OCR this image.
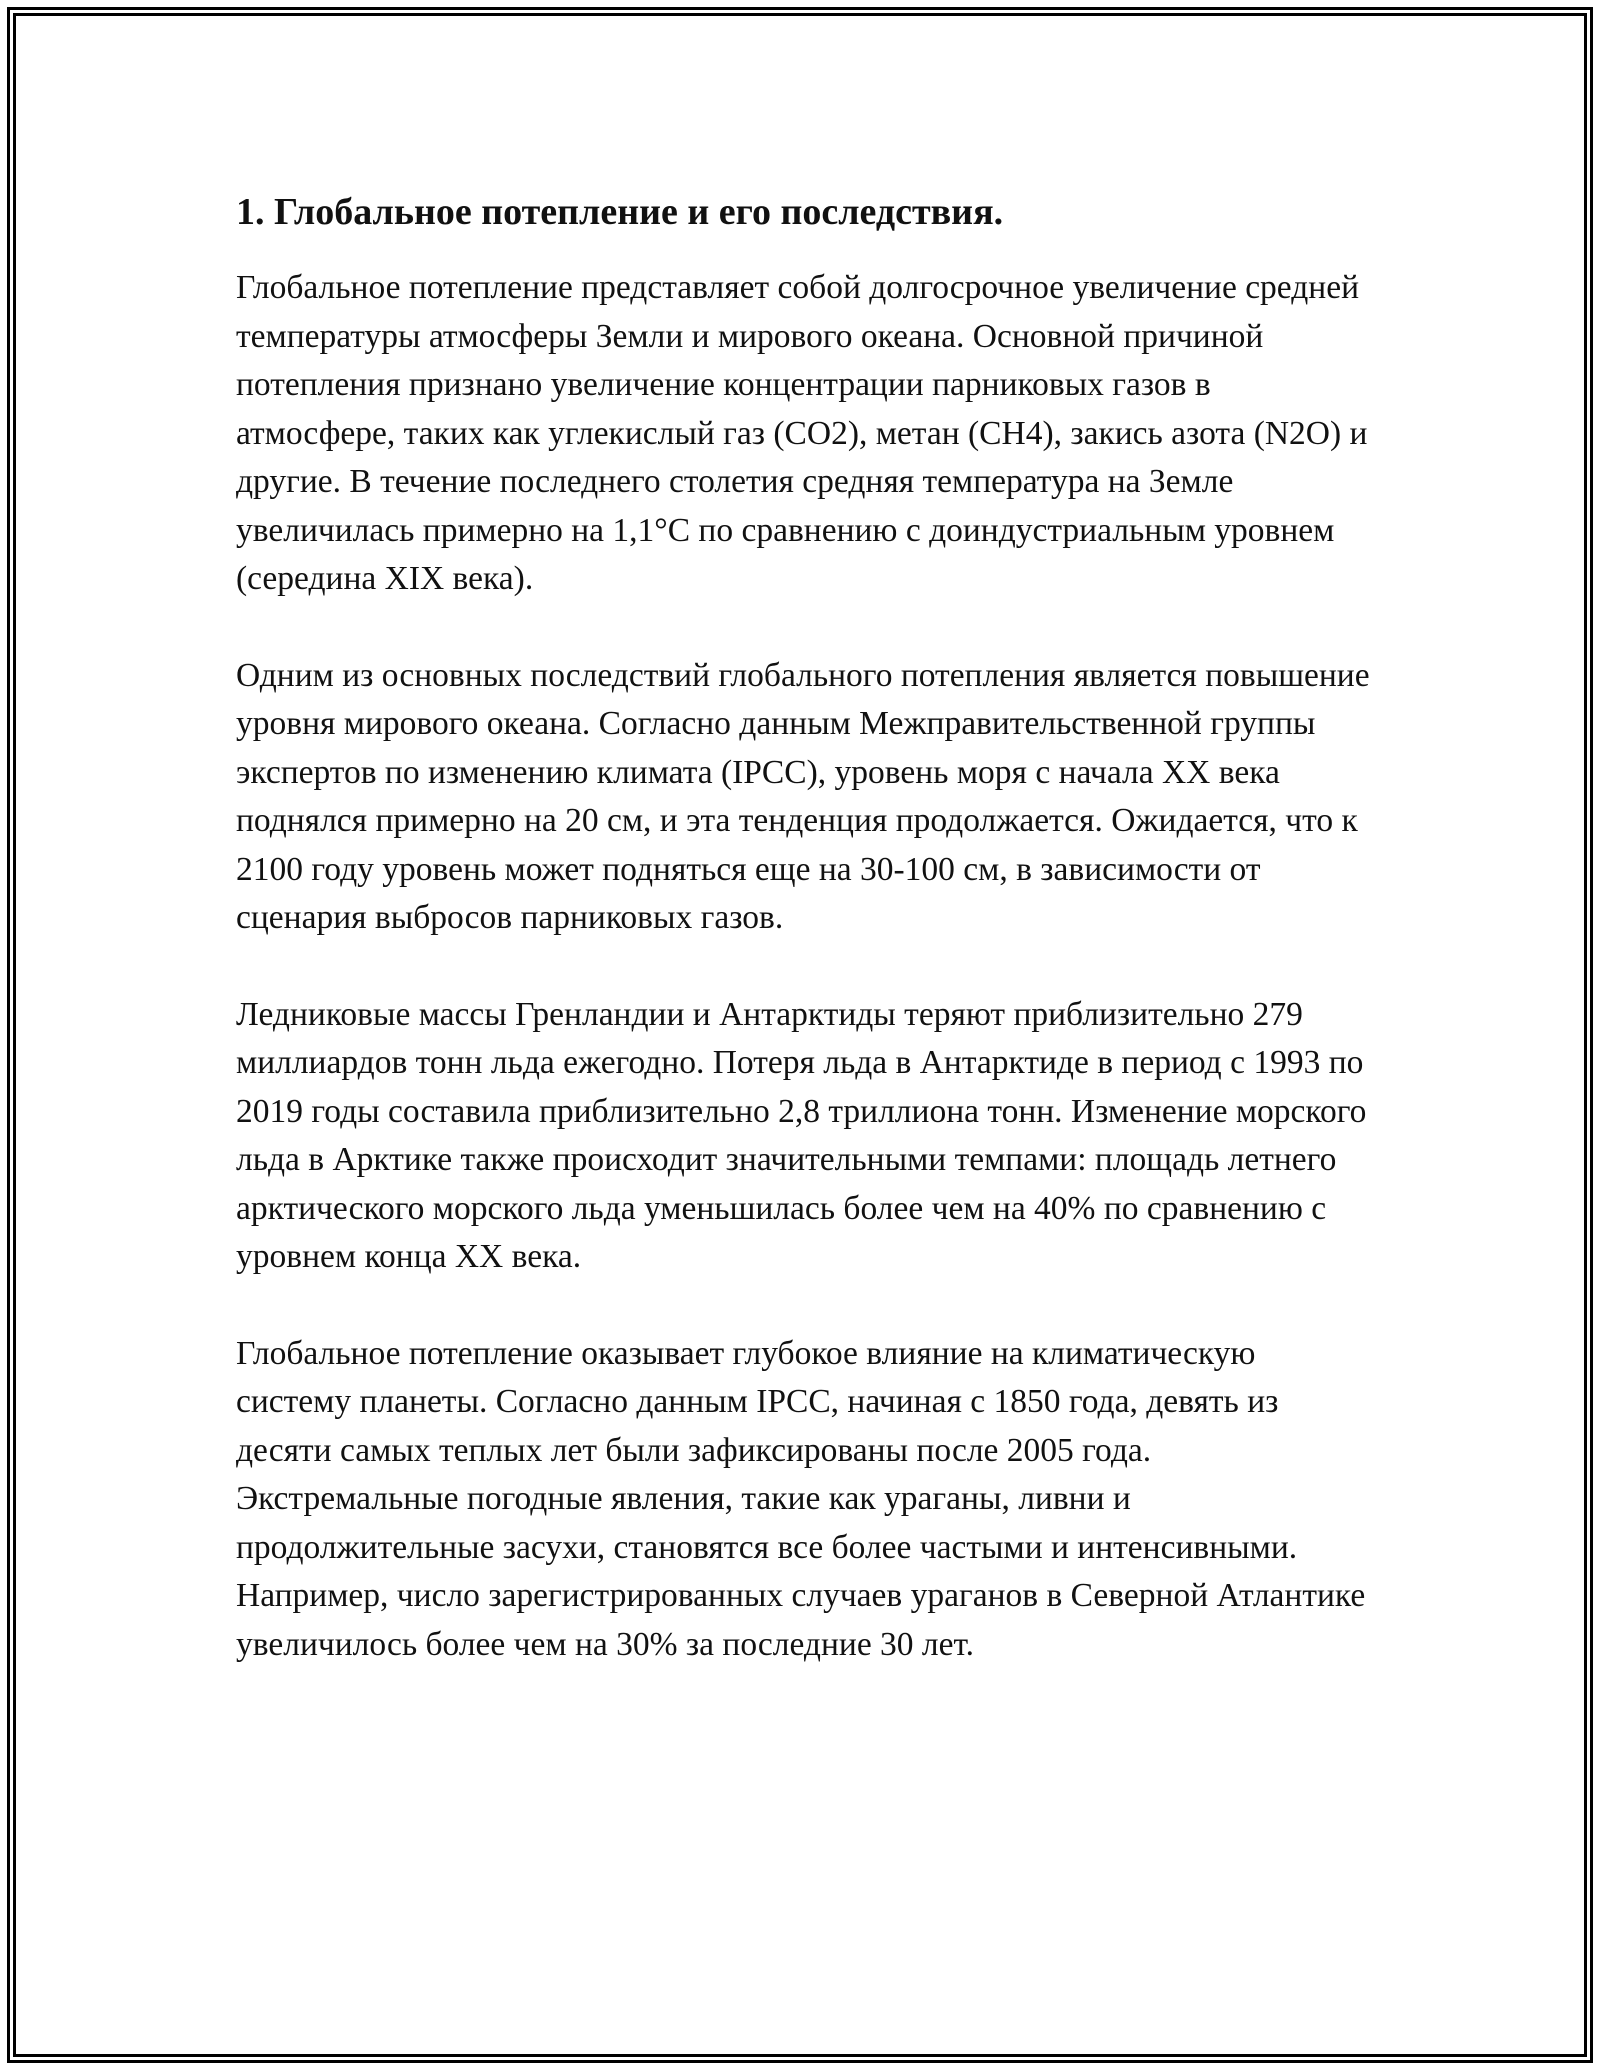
1. Глобальное потепление и его последствия.

Глобальное потепление представляет собой долгосрочное увеличение средней температуры атмосферы Земли и мирового океана. Основной причиной потепления признано увеличение концентрации парниковых газов в атмосфере, таких как углекислый газ (CO2), метан (CH4), закись азота (N2O) и другие. В течение последнего столетия средняя температура на Земле увеличилась примерно на 1,1°C по сравнению с доиндустриальным уровнем (середина XIX века).

Одним из основных последствий глобального потепления является повышение уровня мирового океана. Согласно данным Межправительственной группы экспертов по изменению климата (IPCC), уровень моря с начала XX века поднялся примерно на 20 см, и эта тенденция продолжается. Ожидается, что к 2100 году уровень может подняться еще на 30-100 см, в зависимости от сценария выбросов парниковых газов.

Ледниковые массы Гренландии и Антарктиды теряют приблизительно 279 миллиардов тонн льда ежегодно. Потеря льда в Антарктиде в период с 1993 по 2019 годы составила приблизительно 2,8 триллиона тонн. Изменение морского льда в Арктике также происходит значительными темпами: площадь летнего арктического морского льда уменьшилась более чем на 40% по сравнению с уровнем конца XX века.

Глобальное потепление оказывает глубокое влияние на климатическую систему планеты. Согласно данным IPCC, начиная с 1850 года, девять из десяти самых теплых лет были зафиксированы после 2005 года. Экстремальные погодные явления, такие как ураганы, ливни и продолжительные засухи, становятся все более частыми и интенсивными. Например, число зарегистрированных случаев ураганов в Северной Атлантике увеличилось более чем на 30% за последние 30 лет.
